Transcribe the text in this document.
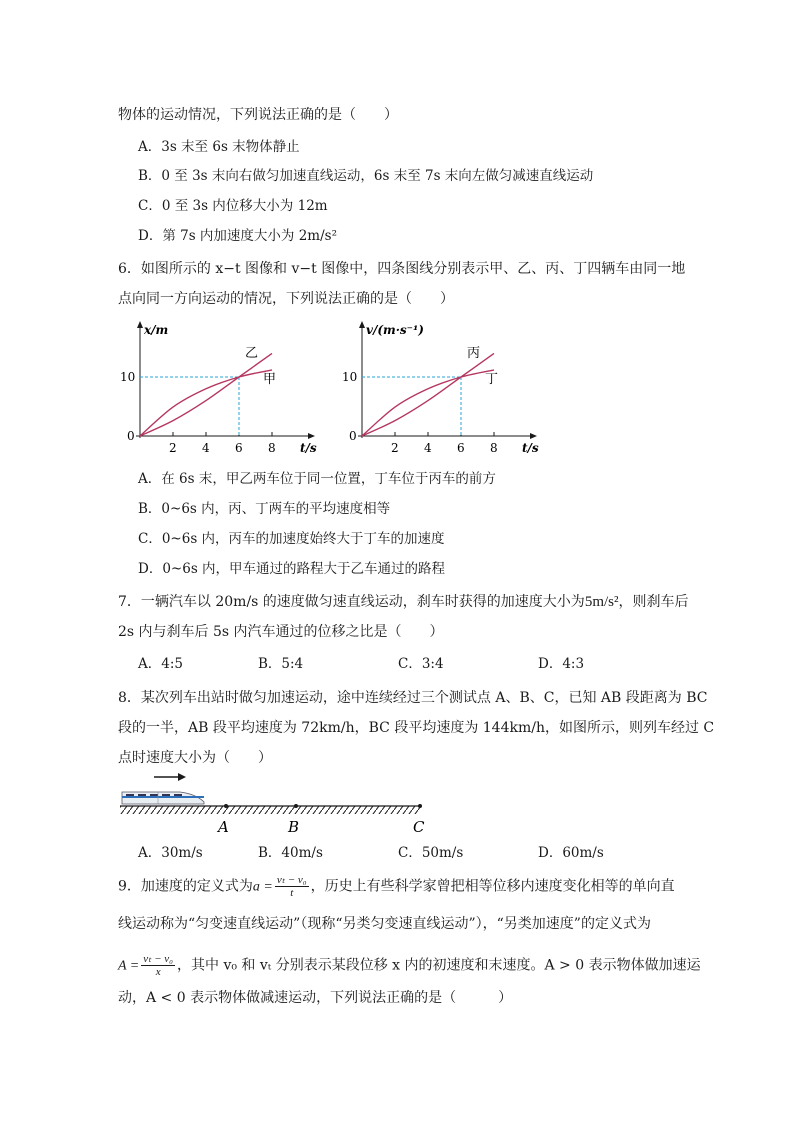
物体的运动情况，下列说法正确的是（　　）
A．3s 末至 6s 末物体静止
B．0 至 3s 末向右做匀加速直线运动，6s 末至 7s 末向左做匀减速直线运动
C．0 至 3s 内位移大小为 12m
D．第 7s 内加速度大小为 2m/s²
6．如图所示的 x−t 图像和 v−t 图像中，四条图线分别表示甲、乙、丙、丁四辆车由同一地
点向同一方向运动的情况，下列说法正确的是（　　）
x/m
t/s
0
2 4 6 8
10
乙
甲
v/(m·s⁻¹)
t/s
0
2 4 6 8
10
丙
丁
A．在 6s 末，甲乙两车位于同一位置，丁车位于丙车的前方
B．0~6s 内，丙、丁两车的平均速度相等
C．0~6s 内，丙车的加速度始终大于丁车的加速度
D．0~6s 内，甲车通过的路程大于乙车通过的路程
7．一辆汽车以 20m/s 的速度做匀速直线运动，刹车时获得的加速度大小为5m/s²，则刹车后
2s 内与刹车后 5s 内汽车通过的位移之比是（　　）
A．4:5	B．5:4	C．3:4	D．4:3
8．某次列车出站时做匀加速运动，途中连续经过三个测试点 A、B、C，已知 AB 段距离为 BC
段的一半，AB 段平均速度为 72km/h，BC 段平均速度为 144km/h，如图所示，则列车经过 C
点时速度大小为（　　）
A	B	C
A．30m/s	B．40m/s	C．50m/s	D．60m/s
9．加速度的定义式为$a = \frac{\text{vₜ − v₀}}{t}$ ，历史上有些科学家曾把相等位移内速度变化相等的单向直
线运动称为“匀变速直线运动”（现称“另类匀变速直线运动”），“另类加速度”的定义式为
$A = \frac{\text{vₜ − v₀}}{x}$ ，其中 v₀ 和 vₜ 分别表示某段位移 x 内的初速度和末速度。A > 0 表示物体做加速运
动，A < 0 表示物体做减速运动，下列说法正确的是（　　　）
